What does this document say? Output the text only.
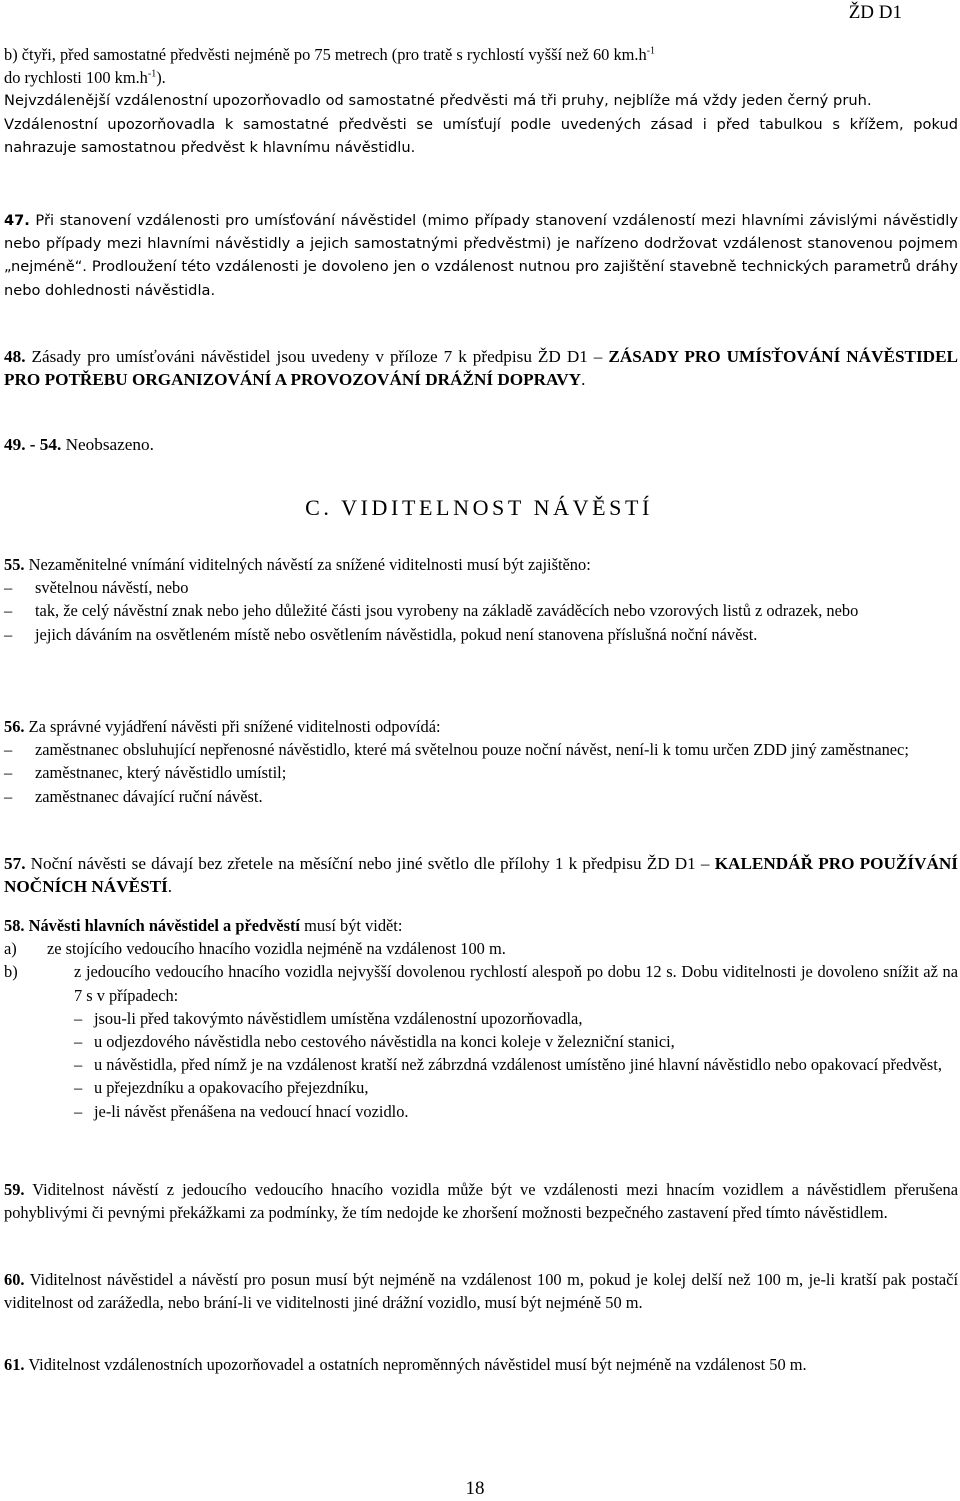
ŽD D1

b) čtyři, před samostatné předvěsti nejméně po 75 metrech (pro tratě s rychlostí vyšší než 60 $km.h^{-1}$
do rychlosti 100 $km.h^{-1}$).

Nejvzdálenější vzdálenostní upozorňovadlo od samostatné předvěsti má tři pruhy, nejblíže má vždy jeden černý pruh.

Vzdálenostní upozorňovadla k samostatné předvěsti se umísťují podle uvedených zásad i před tabulkou s křížem, pokud nahrazuje samostatnou předvěst k hlavnímu návěstidlu.

47. Při stanovení vzdálenosti pro umísťování návěstidel (mimo případy stanovení vzdáleností mezi hlavními závislými návěstidly nebo případy mezi hlavními návěstidly a jejich samostatnými předvěstmi) je nařízeno dodržovat vzdálenost stanovenou pojmem „nejméně“. Prodloužení této vzdálenosti je dovoleno jen o vzdálenost nutnou pro zajištění stavebně technických parametrů dráhy nebo dohlednosti návěstidla.

48. Zásady pro umísťováni návěstidel jsou uvedeny v příloze 7 k předpisu ŽD D1 – ZÁSADY PRO UMÍSŤOVÁNÍ NÁVĚSTIDEL PRO POTŘEBU ORGANIZOVÁNÍ A PROVOZOVÁNÍ DRÁŽNÍ DOPRAVY.

49. - 54. Neobsazeno.

C. VIDITELNOST NÁVĚSTÍ

55. Nezaměnitelné vnímání viditelných návěstí za snížené viditelnosti musí být zajištěno:

– světelnou návěstí, nebo

– tak, že celý návěstní znak nebo jeho důležité části jsou vyrobeny na základě zaváděcích nebo vzorových listů z odrazek, nebo

– jejich dáváním na osvětleném místě nebo osvětlením návěstidla, pokud není stanovena příslušná noční návěst.

56. Za správné vyjádření návěsti při snížené viditelnosti odpovídá:

– zaměstnanec obsluhující nepřenosné návěstidlo, které má světelnou pouze noční návěst, není-li k tomu určen ZDD jiný zaměstnanec;

– zaměstnanec, který návěstidlo umístil;

– zaměstnanec dávající ruční návěst.

57. Noční návěsti se dávají bez zřetele na měsíční nebo jiné světlo dle přílohy 1 k předpisu ŽD D1 – KALENDÁŘ PRO POUŽÍVÁNÍ NOČNÍCH NÁVĚSTÍ.

58. Návěsti hlavních návěstidel a předvěstí musí být vidět:

a)	ze stojícího vedoucího hnacího vozidla nejméně na vzdálenost 100 m.

b)	z jedoucího vedoucího hnacího vozidla nejvyšší dovolenou rychlostí alespoň po dobu 12 s. Dobu viditelnosti je dovoleno snížit až na 7 s v případech:

– jsou-li před takovýmto návěstidlem umístěna vzdálenostní upozorňovadla,

– u odjezdového návěstidla nebo cestového návěstidla na konci koleje v železniční stanici,

– u návěstidla, před nímž je na vzdálenost kratší než zábrzdná vzdálenost umístěno jiné hlavní návěstidlo nebo opakovací předvěst,

– u přejezdníku a opakovacího přejezdníku,

– je-li návěst přenášena na vedoucí hnací vozidlo.

59. Viditelnost návěstí z jedoucího vedoucího hnacího vozidla může být ve vzdálenosti mezi hnacím vozidlem a návěstidlem přerušena pohyblivými či pevnými překážkami za podmínky, že tím nedojde ke zhoršení možnosti bezpečného zastavení před tímto návěstidlem.

60. Viditelnost návěstidel a návěstí pro posun musí být nejméně na vzdálenost 100 m, pokud je kolej delší než 100 m, je-li kratší pak postačí viditelnost od zarážedla, nebo brání-li ve viditelnosti jiné drážní vozidlo, musí být nejméně 50 m.

61. Viditelnost vzdálenostních upozorňovadel a ostatních neproměnných návěstidel musí být nejméně na vzdálenost 50 m.

18
